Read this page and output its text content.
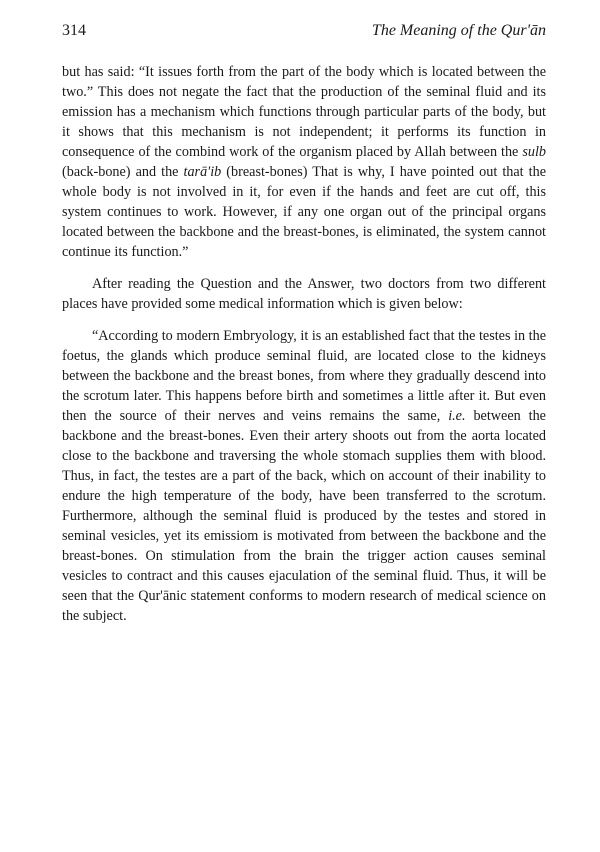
314	The Meaning of the Qur'ān

but has said: “It issues forth from the part of the body which is located between the two.” This does not negate the fact that the production of the seminal fluid and its emission has a mechanism which functions through particular parts of the body, but it shows that this mechanism is not independent; it performs its function in consequence of the combind work of the organism placed by Allah between the sulb (back-bone) and the tarā'ib (breast-bones) That is why, I have pointed out that the whole body is not involved in it, for even if the hands and feet are cut off, this system continues to work. However, if any one organ out of the principal organs located between the backbone and the breast-bones, is eliminated, the system cannot continue its function.”

After reading the Question and the Answer, two doctors from two different places have provided some medical information which is given below:

“According to modern Embryology, it is an established fact that the testes in the foetus, the glands which produce seminal fluid, are located close to the kidneys between the backbone and the breast bones, from where they gradually descend into the scrotum later. This happens before birth and sometimes a little after it. But even then the source of their nerves and veins remains the same, i.e. between the backbone and the breast-bones. Even their artery shoots out from the aorta located close to the backbone and traversing the whole stomach supplies them with blood. Thus, in fact, the testes are a part of the back, which on account of their inability to endure the high temperature of the body, have been transferred to the scrotum. Furthermore, although the seminal fluid is produced by the testes and stored in seminal vesicles, yet its emissiom is motivated from between the backbone and the breast-bones. On stimulation from the brain the trigger action causes seminal vesicles to contract and this causes ejaculation of the seminal fluid. Thus, it will be seen that the Qur'ānic statement conforms to modern research of medical science on the subject.
